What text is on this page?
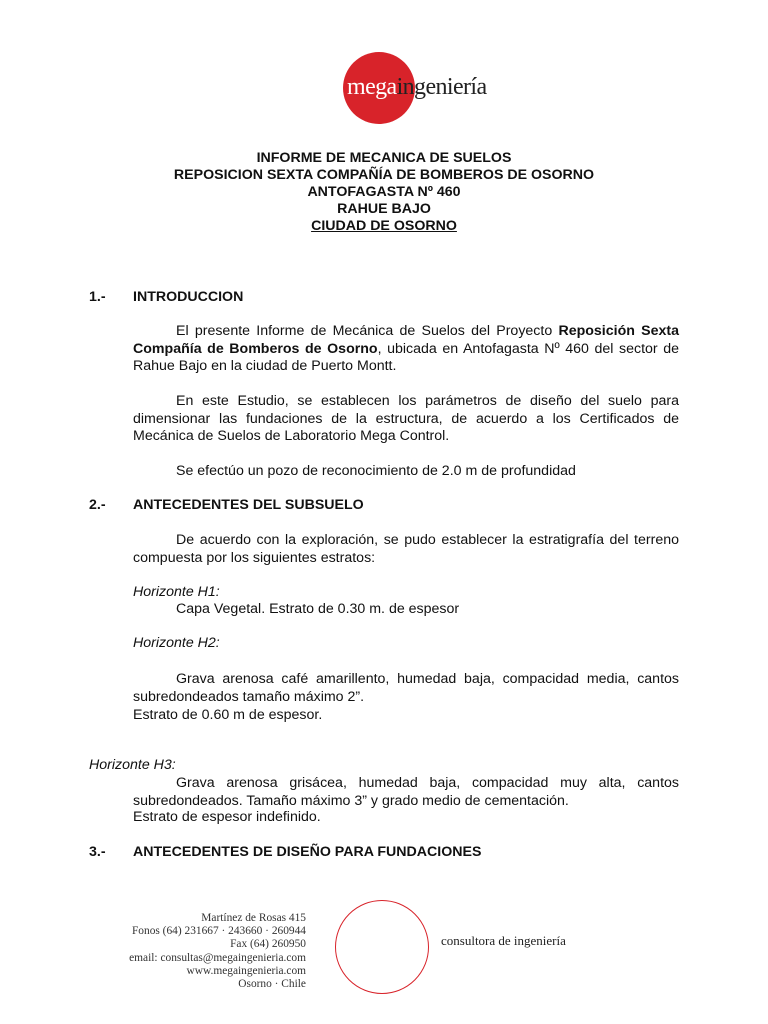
megaingeniería
INFORME DE MECANICA DE SUELOS
REPOSICION SEXTA COMPAÑÍA DE BOMBEROS DE OSORNO
ANTOFAGASTA Nº 460
RAHUE BAJO
CIUDAD DE OSORNO
1.- INTRODUCCION
El presente Informe de Mecánica de Suelos del Proyecto Reposición Sexta Compañía de Bomberos de Osorno, ubicada en Antofagasta Nº 460 del sector de Rahue Bajo en la ciudad de Puerto Montt.
En este Estudio, se establecen los parámetros de diseño del suelo para dimensionar las fundaciones de la estructura, de acuerdo a los Certificados de Mecánica de Suelos de Laboratorio Mega Control.
Se efectúo un pozo de reconocimiento de 2.0 m de profundidad
2.- ANTECEDENTES DEL SUBSUELO
De acuerdo con la exploración, se pudo establecer la estratigrafía del terreno compuesta por los siguientes estratos:
Horizonte H1:
Capa Vegetal. Estrato de 0.30 m. de espesor
Horizonte H2:
Grava arenosa café amarillento, humedad baja, compacidad media, cantos subredondeados tamaño máximo 2”.
Estrato de 0.60 m de espesor.
Horizonte H3:
Grava arenosa grisácea, humedad baja, compacidad muy alta, cantos subredondeados. Tamaño máximo 3” y grado medio de cementación.
Estrato de espesor indefinido.
3.- ANTECEDENTES DE DISEÑO PARA FUNDACIONES
Martínez de Rosas 415
Fonos (64) 231667 · 243660 · 260944
Fax (64) 260950
email: consultas@megaingenieria.com
www.megaingenieria.com
Osorno · Chile
consultora de ingeniería
